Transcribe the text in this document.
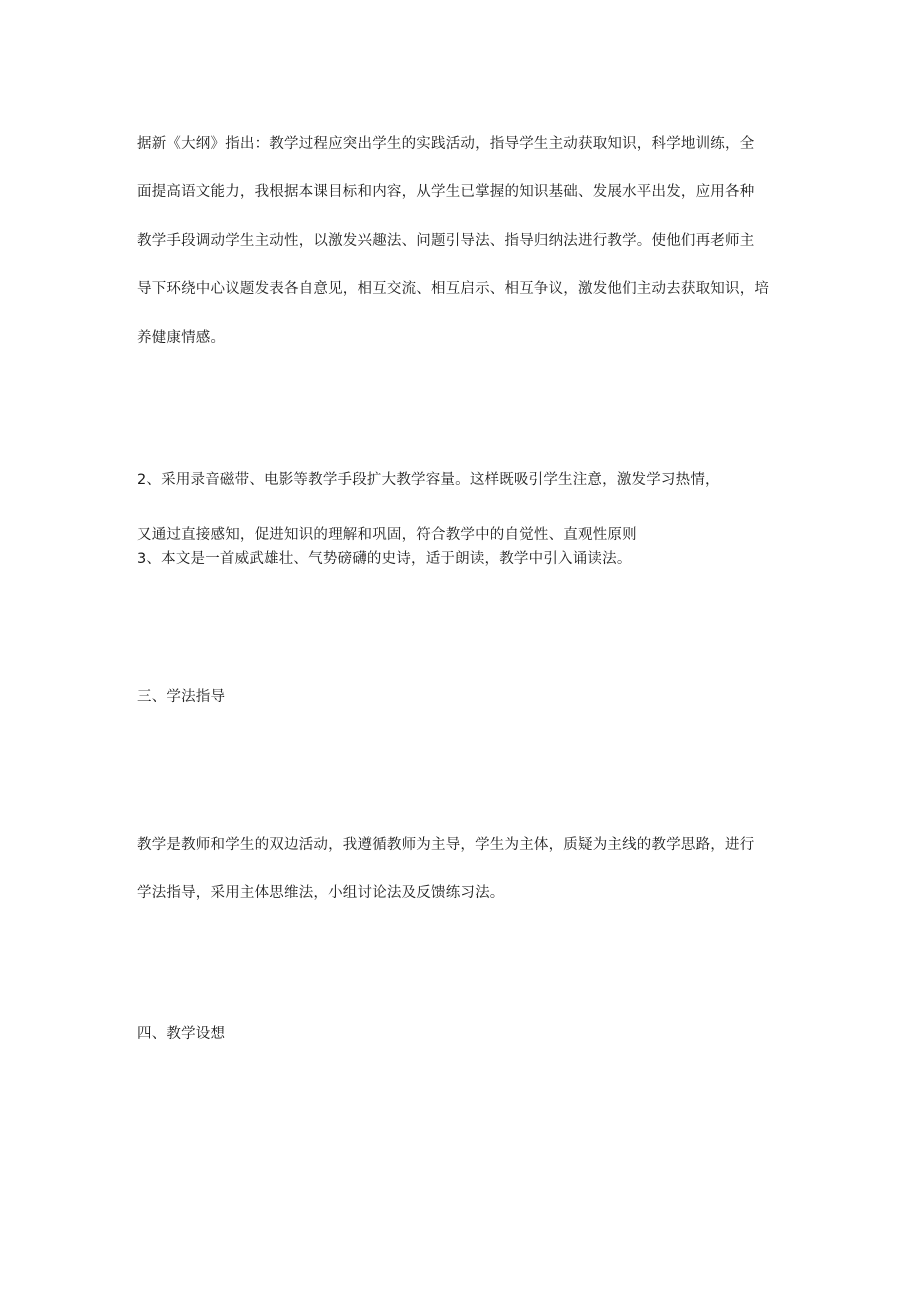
据新《大纲》指出：教学过程应突出学生的实践活动，指导学生主动获取知识，科学地训练，全
面提高语文能力，我根据本课目标和内容，从学生已掌握的知识基础、发展水平出发，应用各种
教学手段调动学生主动性，以激发兴趣法、问题引导法、指导归纳法进行教学。使他们再老师主
导下环绕中心议题发表各自意见，相互交流、相互启示、相互争议，激发他们主动去获取知识，培
养健康情感。
2、采用录音磁带、电影等教学手段扩大教学容量。这样既吸引学生注意，激发学习热情，
又通过直接感知，促进知识的理解和巩固，符合教学中的自觉性、直观性原则
3、本文是一首威武雄壮、气势磅礴的史诗，适于朗读，教学中引入诵读法。
三、学法指导
教学是教师和学生的双边活动，我遵循教师为主导，学生为主体，质疑为主线的教学思路，进行
学法指导，采用主体思维法，小组讨论法及反馈练习法。
四、教学设想
